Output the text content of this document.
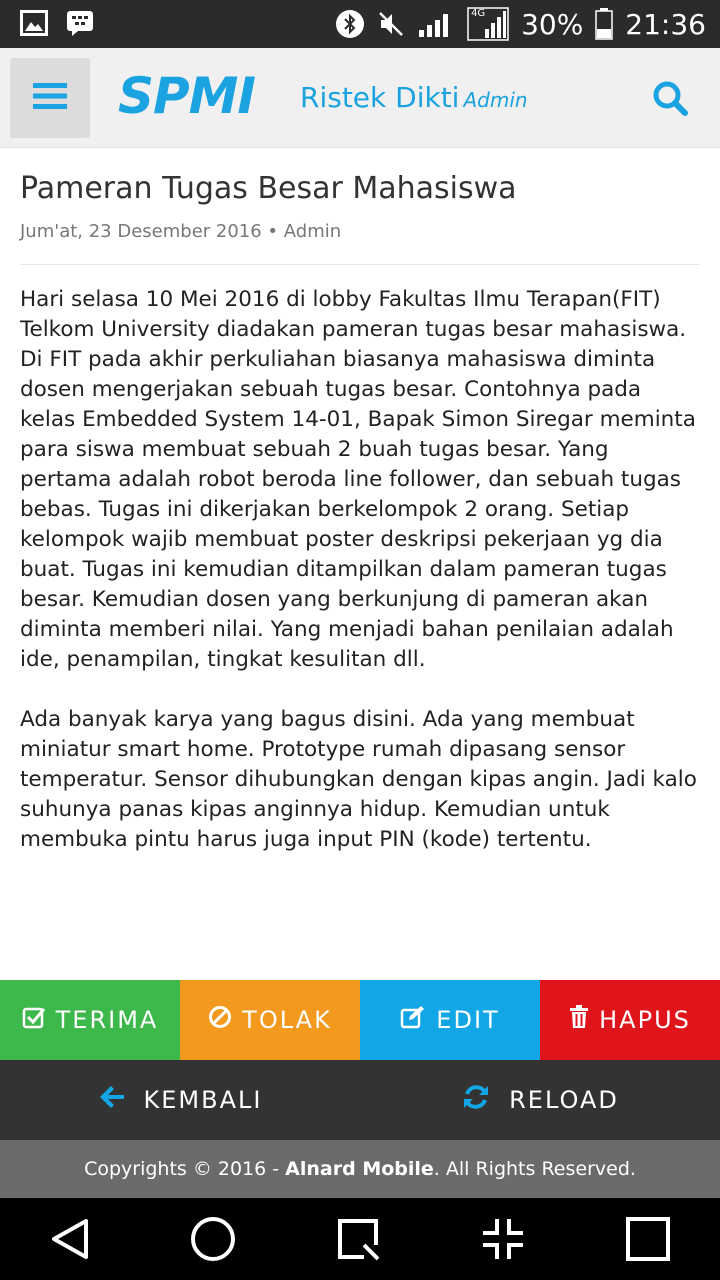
4G 30% 21:36
SPMI Ristek Dikti Admin
Pameran Tugas Besar Mahasiswa
Jum'at, 23 Desember 2016 • Admin

Hari selasa 10 Mei 2016 di lobby Fakultas Ilmu Terapan(FIT) Telkom University diadakan pameran tugas besar mahasiswa. Di FIT pada akhir perkuliahan biasanya mahasiswa diminta dosen mengerjakan sebuah tugas besar. Contohnya pada kelas Embedded System 14-01, Bapak Simon Siregar meminta para siswa membuat sebuah 2 buah tugas besar. Yang pertama adalah robot beroda line follower, dan sebuah tugas bebas. Tugas ini dikerjakan berkelompok 2 orang. Setiap kelompok wajib membuat poster deskripsi pekerjaan yg dia buat. Tugas ini kemudian ditampilkan dalam pameran tugas besar. Kemudian dosen yang berkunjung di pameran akan diminta memberi nilai. Yang menjadi bahan penilaian adalah ide, penampilan, tingkat kesulitan dll.

Ada banyak karya yang bagus disini. Ada yang membuat miniatur smart home. Prototype rumah dipasang sensor temperatur. Sensor dihubungkan dengan kipas angin. Jadi kalo suhunya panas kipas anginnya hidup. Kemudian untuk membuka pintu harus juga input PIN (kode) tertentu.

TERIMA	TOLAK	EDIT	HAPUS
KEMBALI	RELOAD
Copyrights © 2016 - Alnard Mobile . All Rights Reserved.
